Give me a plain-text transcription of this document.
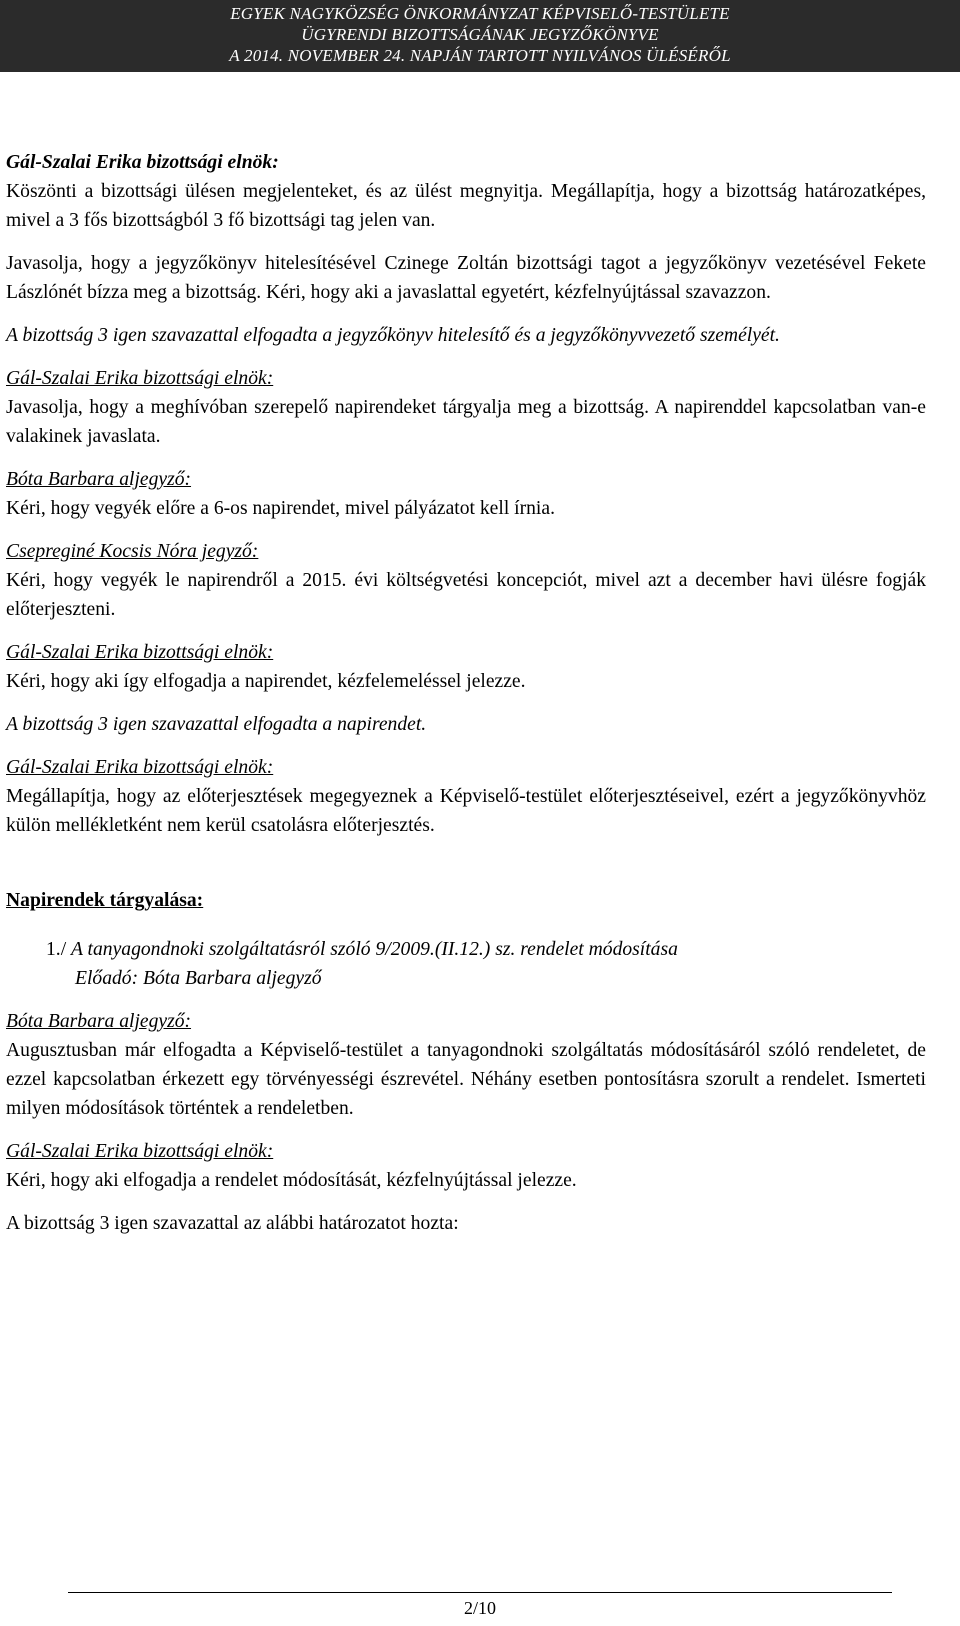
EGYEK NAGYKÖZSÉG ÖNKORMÁNYZAT KÉPVISELŐ-TESTÜLETE
ÜGYRENDI BIZOTTSÁGÁNAK JEGYZŐKÖNYVE
A 2014. NOVEMBER 24. NAPJÁN TARTOTT NYILVÁNOS ÜLÉSÉRŐL

Gál-Szalai Erika bizottsági elnök:

Köszönti a bizottsági ülésen megjelenteket, és az ülést megnyitja. Megállapítja, hogy a bizottság határozatképes, mivel a 3 fős bizottságból 3 fő bizottsági tag jelen van.

Javasolja, hogy a jegyzőkönyv hitelesítésével Czinege Zoltán bizottsági tagot a jegyzőkönyv vezetésével Fekete Lászlónét bízza meg a bizottság. Kéri, hogy aki a javaslattal egyetért, kézfelnyújtással szavazzon.

A bizottság 3 igen szavazattal elfogadta a jegyzőkönyv hitelesítő és a jegyzőkönyvvezető személyét.

Gál-Szalai Erika bizottsági elnök:

Javasolja, hogy a meghívóban szerepelő napirendeket tárgyalja meg a bizottság. A napirenddel kapcsolatban van-e valakinek javaslata.

Bóta Barbara aljegyző:

Kéri, hogy vegyék előre a 6-os napirendet, mivel pályázatot kell írnia.

Csepreginé Kocsis Nóra jegyző:

Kéri, hogy vegyék le napirendről a 2015. évi költségvetési koncepciót, mivel azt a december havi ülésre fogják előterjeszteni.

Gál-Szalai Erika bizottsági elnök:

Kéri, hogy aki így elfogadja a napirendet, kézfelemeléssel jelezze.

A bizottság 3 igen szavazattal elfogadta a napirendet.

Gál-Szalai Erika bizottsági elnök:

Megállapítja, hogy az előterjesztések megegyeznek a Képviselő-testület előterjesztéseivel, ezért a jegyzőkönyvhöz külön mellékletként nem kerül csatolásra előterjesztés.

Napirendek tárgyalása:

1./ A tanyagondnoki szolgáltatásról szóló 9/2009.(II.12.) sz. rendelet módosítása

Előadó: Bóta Barbara aljegyző

Bóta Barbara aljegyző:

Augusztusban már elfogadta a Képviselő-testület a tanyagondnoki szolgáltatás módosításáról szóló rendeletet, de ezzel kapcsolatban érkezett egy törvényességi észrevétel. Néhány esetben pontosításra szorult a rendelet. Ismerteti milyen módosítások történtek a rendeletben.

Gál-Szalai Erika bizottsági elnök:

Kéri, hogy aki elfogadja a rendelet módosítását, kézfelnyújtással jelezze.

A bizottság 3 igen szavazattal az alábbi határozatot hozta:

2/10
